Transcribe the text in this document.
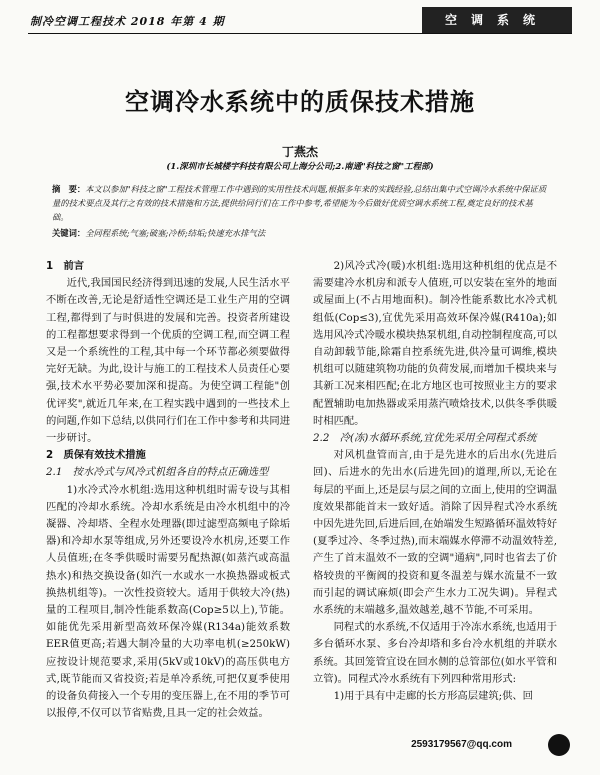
制冷空调工程技术 2018 年第 4 期	空调系统
空调冷水系统中的质保技术措施
丁燕杰
(1.深圳市长城楼宇科技有限公司上海分公司;2.南通"科技之窗"工程部)
摘　要：本文以参加"科技之窗"工程技术管理工作中遇到的实用性技术问题,根据多年来的实践经验,总结出集中式空调冷水系统中保证质量的技术要点及其行之有效的技术措施和方法,提供给同行们在工作中参考,希望能为今后做好优质空调水系统工程,奠定良好的技术基础。
关键词：全同程系统;气塞;破塞;冷桥;结垢;快速充水排气法

1　前言

近代,我国国民经济得到迅速的发展,人民生活水平不断在改善,无论是舒适性空调还是工业生产用的空调工程,都得到了与时俱进的发展和完善。投资者所建设的工程都想要求得到一个优质的空调工程,而空调工程又是一个系统性的工程,其中每一个环节都必须要做得完好无缺。为此,设计与施工的工程技术人员责任心要强,技术水平势必要加深和提高。为使空调工程能"创优评奖",就近几年来,在工程实践中遇到的一些技术上的问题,作如下总结,以供同行们在工作中参考和共同进一步研讨。

2　质保有效技术措施

2.1　按水冷式与风冷式机组各自的特点正确选型

1)水冷式冷水机组:选用这种机组时需专设与其相匹配的冷却水系统。冷却水系统是由冷水机组中的冷凝器、冷却塔、全程水处理器(即过滤型高频电子除垢器)和冷却水泵等组成,另外还要设冷水机房,还要工作人员值班;在冬季供暖时需要另配热源(如蒸汽或高温热水)和热交换设备(如汽一水或水一水换热器或板式换热机组等)。一次性投资较大。适用于供较大冷(热)量的工程项目,制冷性能系数高(Cop≥5以上),节能。如能优先采用新型高效环保冷媒(R134a)能效系数EER值更高;若遇大制冷量的大功率电机(≥250kW)应按设计规范要求,采用(5kV或10kV)的高压供电方式,既节能而又省投资;若是单冷系统,可把仅夏季使用的设备负荷接入一个专用的变压器上,在不用的季节可以报停,不仅可以节省贴费,且具一定的社会效益。

2)风冷式冷(暖)水机组:选用这种机组的优点是不需要建冷水机房和派专人值班,可以安装在室外的地面或屋面上(不占用地面积)。制冷性能系数比水冷式机组低(Cop≤3),宜优先采用高效环保冷媒(R410a);如选用风冷式冷暖水模块热泵机组,自动控制程度高,可以自动卸载节能,除霜自控系统先进,供冷量可调维,模块机组可以随建筑物功能的负荷发展,而增加千模块来与其新工况来相匹配;在北方地区也可按照业主方的要求配置辅助电加热器或采用蒸汽喷焓技术,以供冬季供暖时相匹配。

2.2　冷(冻)水循环系统,宜优先采用全同程式系统

对风机盘管而言,由于是先进水的后出水(先进后回)、后进水的先出水(后进先回)的道理,所以,无论在每层的平面上,还是层与层之间的立面上,使用的空调温度效果都能首末一致好适。消除了因异程式冷水系统中因先进先回,后进后回,在始端发生短路循环温效特好(夏季过冷、冬季过热),而末端媒水停滞不动温效特差,产生了首末温效不一致的空调"通病",同时也省去了价格较贵的平衡阀的投资和夏冬温差与媒水流量不一致而引起的调试麻烦(即会产生水力工况失调)。异程式水系统的末端越多,温效越差,越不节能,不可采用。

同程式的水系统,不仅适用于冷冻水系统,也适用于多台循环水泵、多台冷却塔和多台冷水机组的并联水系统。其回笼管宜设在回水侧的总管部位(如水平管和立管)。同程式冷水系统有下列四种常用形式:

1)用于具有中走廊的长方形高层建筑;供、回

2593179567@qq.com
